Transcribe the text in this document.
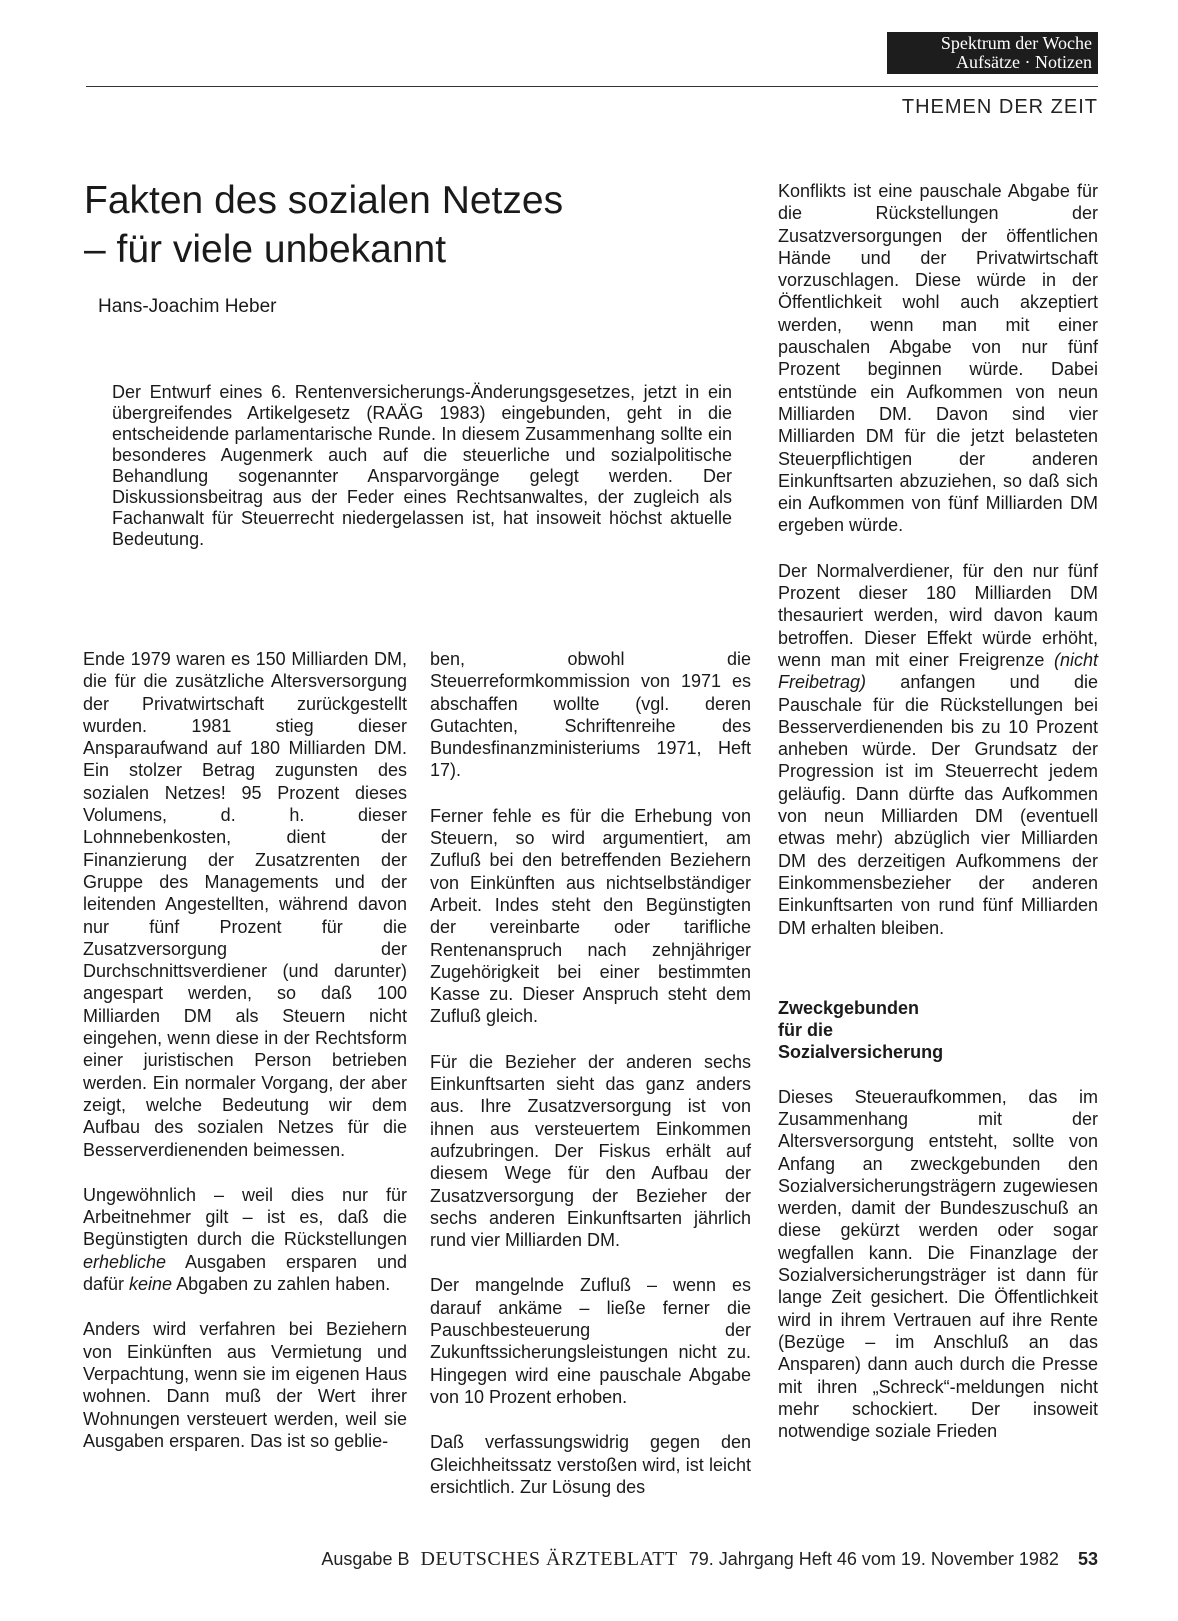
Spektrum der Woche
Aufsätze · Notizen
THEMEN DER ZEIT
Fakten des sozialen Netzes
– für viele unbekannt
Hans-Joachim Heber

Der Entwurf eines 6. Rentenversicherungs-Änderungsgesetzes, jetzt in ein übergreifendes Artikelgesetz (RAÄG 1983) eingebunden, geht in die entscheidende parlamentarische Runde. In diesem Zusammenhang sollte ein besonderes Augenmerk auch auf die steuerliche und sozialpolitische Behandlung sogenannter Ansparvorgänge gelegt werden. Der Diskussionsbeitrag aus der Feder eines Rechtsanwaltes, der zugleich als Fachanwalt für Steuerrecht niedergelassen ist, hat insoweit höchst aktuelle Bedeutung.

Ende 1979 waren es 150 Milliarden DM, die für die zusätzliche Altersversorgung der Privatwirtschaft zurückgestellt wurden. 1981 stieg dieser Ansparaufwand auf 180 Milliarden DM. Ein stolzer Betrag zugunsten des sozialen Netzes! 95 Prozent dieses Volumens, d. h. dieser Lohnnebenkosten, dient der Finanzierung der Zusatzrenten der Gruppe des Managements und der leitenden Angestellten, während davon nur fünf Prozent für die Zusatzversorgung der Durchschnittsverdiener (und darunter) angespart werden, so daß 100 Milliarden DM als Steuern nicht eingehen, wenn diese in der Rechtsform einer juristischen Person betrieben werden. Ein normaler Vorgang, der aber zeigt, welche Bedeutung wir dem Aufbau des sozialen Netzes für die Besserverdienenden beimessen.

Ungewöhnlich – weil dies nur für Arbeitnehmer gilt – ist es, daß die Begünstigten durch die Rückstellungen erhebliche Ausgaben ersparen und dafür keine Abgaben zu zahlen haben.

Anders wird verfahren bei Beziehern von Einkünften aus Vermietung und Verpachtung, wenn sie im eigenen Haus wohnen. Dann muß der Wert ihrer Wohnungen versteuert werden, weil sie Ausgaben ersparen. Das ist so geblie-

ben, obwohl die Steuerreformkommission von 1971 es abschaffen wollte (vgl. deren Gutachten, Schriftenreihe des Bundesfinanzministeriums 1971, Heft 17).

Ferner fehle es für die Erhebung von Steuern, so wird argumentiert, am Zufluß bei den betreffenden Beziehern von Einkünften aus nichtselbständiger Arbeit. Indes steht den Begünstigten der vereinbarte oder tarifliche Rentenanspruch nach zehnjähriger Zugehörigkeit bei einer bestimmten Kasse zu. Dieser Anspruch steht dem Zufluß gleich.

Für die Bezieher der anderen sechs Einkunftsarten sieht das ganz anders aus. Ihre Zusatzversorgung ist von ihnen aus versteuertem Einkommen aufzubringen. Der Fiskus erhält auf diesem Wege für den Aufbau der Zusatzversorgung der Bezieher der sechs anderen Einkunftsarten jährlich rund vier Milliarden DM.

Der mangelnde Zufluß – wenn es darauf ankäme – ließe ferner die Pauschbesteuerung der Zukunftssicherungsleistungen nicht zu. Hingegen wird eine pauschale Abgabe von 10 Prozent erhoben.

Daß verfassungswidrig gegen den Gleichheitssatz verstoßen wird, ist leicht ersichtlich. Zur Lösung des

Konflikts ist eine pauschale Abgabe für die Rückstellungen der Zusatzversorgungen der öffentlichen Hände und der Privatwirtschaft vorzuschlagen. Diese würde in der Öffentlichkeit wohl auch akzeptiert werden, wenn man mit einer pauschalen Abgabe von nur fünf Prozent beginnen würde. Dabei entstünde ein Aufkommen von neun Milliarden DM. Davon sind vier Milliarden DM für die jetzt belasteten Steuerpflichtigen der anderen Einkunftsarten abzuziehen, so daß sich ein Aufkommen von fünf Milliarden DM ergeben würde.

Der Normalverdiener, für den nur fünf Prozent dieser 180 Milliarden DM thesauriert werden, wird davon kaum betroffen. Dieser Effekt würde erhöht, wenn man mit einer Freigrenze (nicht Freibetrag) anfangen und die Pauschale für die Rückstellungen bei Besserverdienenden bis zu 10 Prozent anheben würde. Der Grundsatz der Progression ist im Steuerrecht jedem geläufig. Dann dürfte das Aufkommen von neun Milliarden DM (eventuell etwas mehr) abzüglich vier Milliarden DM des derzeitigen Aufkommens der Einkommensbezieher der anderen Einkunftsarten von rund fünf Milliarden DM erhalten bleiben.

Zweckgebunden
für die
Sozialversicherung

Dieses Steueraufkommen, das im Zusammenhang mit der Altersversorgung entsteht, sollte von Anfang an zweckgebunden den Sozialversicherungsträgern zugewiesen werden, damit der Bundeszuschuß an diese gekürzt werden oder sogar wegfallen kann. Die Finanzlage der Sozialversicherungsträger ist dann für lange Zeit gesichert. Die Öffentlichkeit wird in ihrem Vertrauen auf ihre Rente (Bezüge – im Anschluß an das Ansparen) dann auch durch die Presse mit ihren „Schreck“-meldungen nicht mehr schockiert. Der insoweit notwendige soziale Frieden

Ausgabe B DEUTSCHES ÄRZTEBLATT 79. Jahrgang Heft 46 vom 19. November 1982 53
